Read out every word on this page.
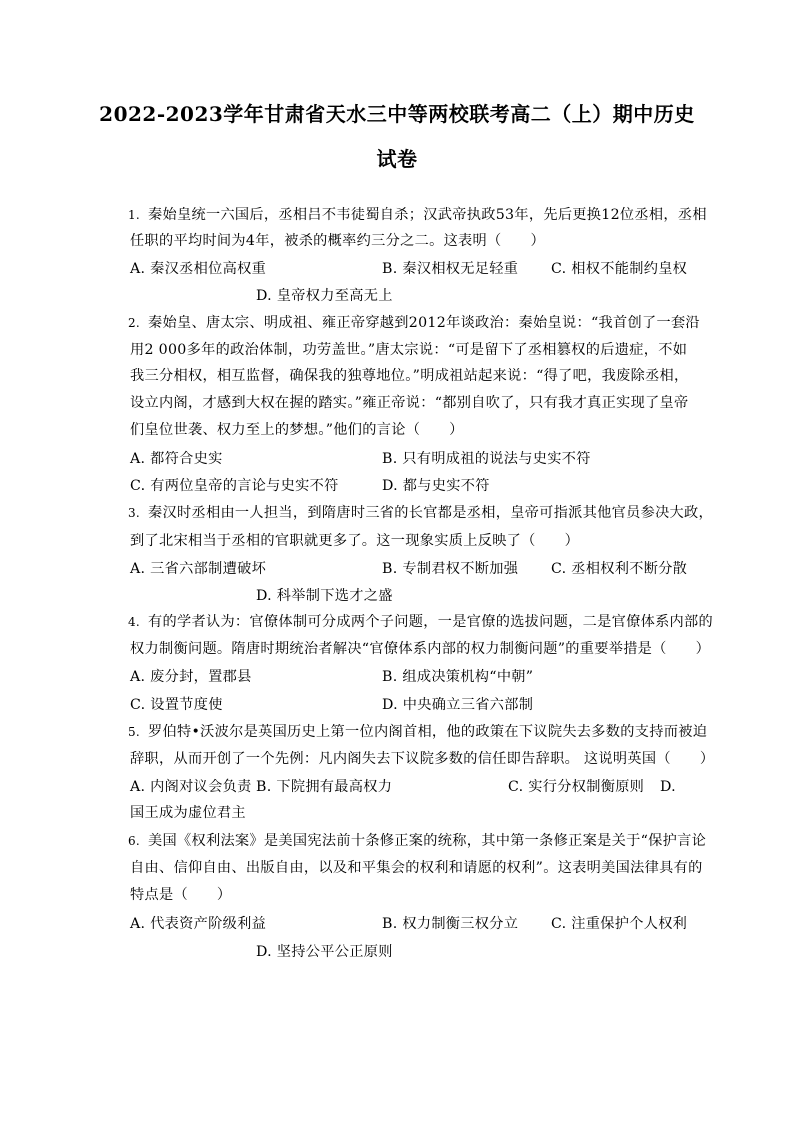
2022-2023学年甘肃省天水三中等两校联考高二（上）期中历史
试卷
1. 秦始皇统一六国后，丞相吕不韦徒蜀自杀；汉武帝执政53年，先后更换12位丞相，丞相
任职的平均时间为4年，被杀的概率约三分之二。这表明（　　）
A. 秦汉丞相位高权重	B. 秦汉相权无足轻重 C. 相权不能制约皇权
D. 皇帝权力至高无上
2. 秦始皇、唐太宗、明成祖、雍正帝穿越到2012年谈政治：秦始皇说：“我首创了一套沿
用2 000多年的政治体制，功劳盖世。”唐太宗说：“可是留下了丞相篡权的后遗症，不如
我三分相权，相互监督，确保我的独尊地位。”明成祖站起来说：“得了吧，我废除丞相，
设立内阁，才感到大权在握的踏实。”雍正帝说：“都别自吹了，只有我才真正实现了皇帝
们皇位世袭、权力至上的梦想。”他们的言论（　　）
A. 都符合史实	B. 只有明成祖的说法与史实不符
C. 有两位皇帝的言论与史实不符	D. 都与史实不符
3. 秦汉时丞相由一人担当，到隋唐时三省的长官都是丞相，皇帝可指派其他官员参决大政，
到了北宋相当于丞相的官职就更多了。这一现象实质上反映了（　　）
A. 三省六部制遭破坏	B. 专制君权不断加强 C. 丞相权利不断分散
D. 科举制下选才之盛
4. 有的学者认为：官僚体制可分成两个子问题，一是官僚的选拔问题，二是官僚体系内部的
权力制衡问题。隋唐时期统治者解决“官僚体系内部的权力制衡问题”的重要举措是（　　）
A. 废分封，置郡县	B. 组成决策机构“中朝”
C. 设置节度使	D. 中央确立三省六部制
5. 罗伯特•沃波尔是英国历史上第一位内阁首相，他的政策在下议院失去多数的支持而被迫
辞职，从而开创了一个先例：凡内阁失去下议院多数的信任即告辞职。 这说明英国（　　）
A. 内阁对议会负责 B. 下院拥有最高权力	C. 实行分权制衡原则 D.
国王成为虚位君主
6. 美国《权利法案》是美国宪法前十条修正案的统称，其中第一条修正案是关于“保护言论
自由、信仰自由、出版自由，以及和平集会的权利和请愿的权利”。这表明美国法律具有的
特点是（　　）
A. 代表资产阶级利益	B. 权力制衡三权分立 C. 注重保护个人权利
D. 坚持公平公正原则
